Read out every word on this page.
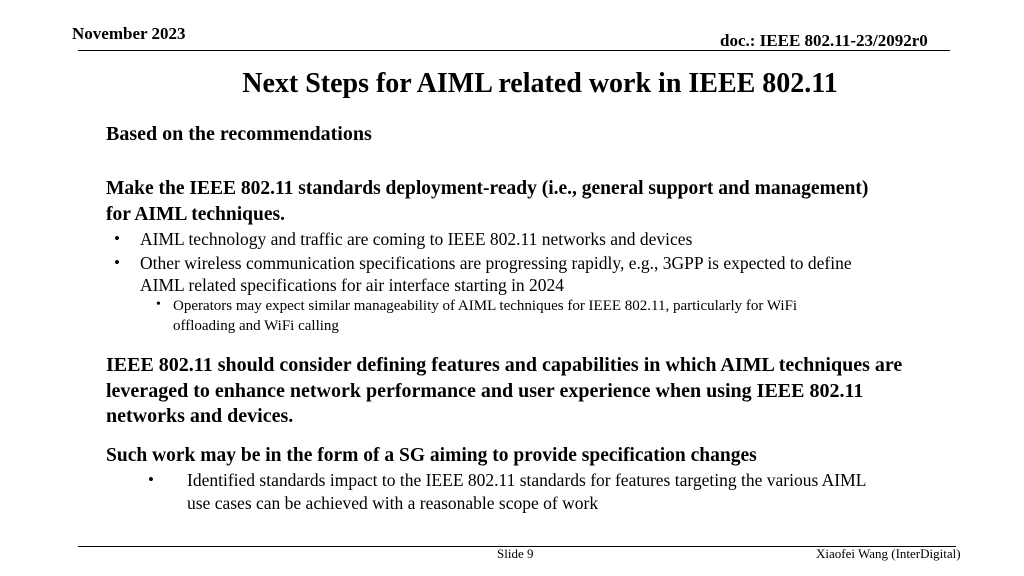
November 2023	doc.: IEEE 802.11-23/2092r0
Next Steps for AIML related work in IEEE 802.11
Based on the recommendations
Make the IEEE 802.11 standards deployment-ready (i.e., general support and management)
for AIML techniques.
• AIML technology and traffic are coming to IEEE 802.11 networks and devices
• Other wireless communication specifications are progressing rapidly, e.g., 3GPP is expected to define
AIML related specifications for air interface starting in 2024
• Operators may expect similar manageability of AIML techniques for IEEE 802.11, particularly for WiFi
offloading and WiFi calling
IEEE 802.11 should consider defining features and capabilities in which AIML techniques are
leveraged to enhance network performance and user experience when using IEEE 802.11
networks and devices.
Such work may be in the form of a SG aiming to provide specification changes
• Identified standards impact to the IEEE 802.11 standards for features targeting the various AIML
use cases can be achieved with a reasonable scope of work
Slide 9	Xiaofei Wang (InterDigital)
